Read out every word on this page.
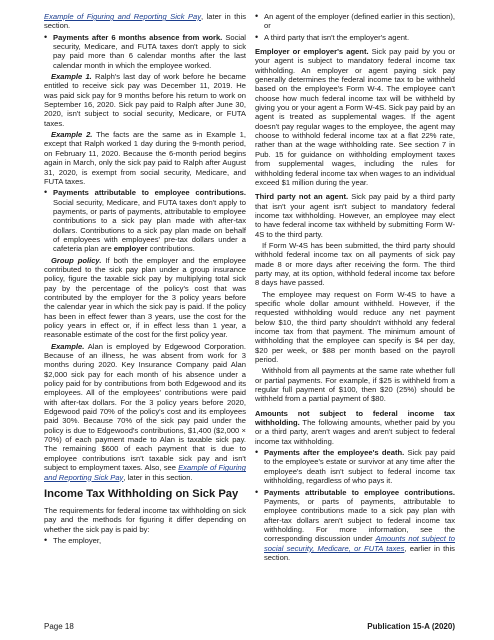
Example of Figuring and Reporting Sick Pay, later in this section.

• Payments after 6 months absence from work. Social security, Medicare, and FUTA taxes don't apply to sick pay paid more than 6 calendar months after the last calendar month in which the employee worked.

Example 1. Ralph's last day of work before he became entitled to receive sick pay was December 11, 2019. He was paid sick pay for 9 months before his return to work on September 16, 2020. Sick pay paid to Ralph after June 30, 2020, isn't subject to social security, Medicare, or FUTA taxes.

Example 2. The facts are the same as in Example 1, except that Ralph worked 1 day during the 9-month period, on February 11, 2020. Because the 6-month period begins again in March, only the sick pay paid to Ralph after August 31, 2020, is exempt from social security, Medicare, and FUTA taxes.

• Payments attributable to employee contributions. Social security, Medicare, and FUTA taxes don't apply to payments, or parts of payments, attributable to employee contributions to a sick pay plan made with after-tax dollars. Contributions to a sick pay plan made on behalf of employees with employees' pre-tax dollars under a cafeteria plan are employer contributions.

Group policy. If both the employer and the employee contributed to the sick pay plan under a group insurance policy, figure the taxable sick pay by multiplying total sick pay by the percentage of the policy's cost that was contributed by the employer for the 3 policy years before the calendar year in which the sick pay is paid. If the policy has been in effect fewer than 3 years, use the cost for the policy years in effect or, if in effect less than 1 year, a reasonable estimate of the cost for the first policy year.

Example. Alan is employed by Edgewood Corporation. Because of an illness, he was absent from work for 3 months during 2020. Key Insurance Company paid Alan $2,000 sick pay for each month of his absence under a policy paid for by contributions from both Edgewood and its employees. All of the employees' contributions were paid with after-tax dollars. For the 3 policy years before 2020, Edgewood paid 70% of the policy's cost and its employees paid 30%. Because 70% of the sick pay paid under the policy is due to Edgewood's contributions, $1,400 ($2,000 × 70%) of each payment made to Alan is taxable sick pay. The remaining $600 of each payment that is due to employee contributions isn't taxable sick pay and isn't subject to employment taxes. Also, see Example of Figuring and Reporting Sick Pay, later in this section.

Income Tax Withholding on Sick Pay

The requirements for federal income tax withholding on sick pay and the methods for figuring it differ depending on whether the sick pay is paid by:

• The employer,
• An agent of the employer (defined earlier in this section), or
• A third party that isn't the employer's agent.

Employer or employer's agent. Sick pay paid by you or your agent is subject to mandatory federal income tax withholding. An employer or agent paying sick pay generally determines the federal income tax to be withheld based on the employee's Form W-4. The employee can't choose how much federal income tax will be withheld by giving you or your agent a Form W-4S. Sick pay paid by an agent is treated as supplemental wages. If the agent doesn't pay regular wages to the employee, the agent may choose to withhold federal income tax at a flat 22% rate, rather than at the wage withholding rate. See section 7 in Pub. 15 for guidance on withholding employment taxes from supplemental wages, including the rules for withholding federal income tax when wages to an individual exceed $1 million during the year.

Third party not an agent. Sick pay paid by a third party that isn't your agent isn't subject to mandatory federal income tax withholding. However, an employee may elect to have federal income tax withheld by submitting Form W-4S to the third party.

If Form W-4S has been submitted, the third party should withhold federal income tax on all payments of sick pay made 8 or more days after receiving the form. The third party may, at its option, withhold federal income tax before 8 days have passed.

The employee may request on Form W-4S to have a specific whole dollar amount withheld. However, if the requested withholding would reduce any net payment below $10, the third party shouldn't withhold any federal income tax from that payment. The minimum amount of withholding that the employee can specify is $4 per day, $20 per week, or $88 per month based on the payroll period.

Withhold from all payments at the same rate whether full or partial payments. For example, if $25 is withheld from a regular full payment of $100, then $20 (25%) should be withheld from a partial payment of $80.

Amounts not subject to federal income tax withholding. The following amounts, whether paid by you or a third party, aren't wages and aren't subject to federal income tax withholding.

• Payments after the employee's death. Sick pay paid to the employee's estate or survivor at any time after the employee's death isn't subject to federal income tax withholding, regardless of who pays it.
• Payments attributable to employee contributions. Payments, or parts of payments, attributable to employee contributions made to a sick pay plan with after-tax dollars aren't subject to federal income tax withholding. For more information, see the corresponding discussion under Amounts not subject to social security, Medicare, or FUTA taxes, earlier in this section.
Page 18	Publication 15-A (2020)
